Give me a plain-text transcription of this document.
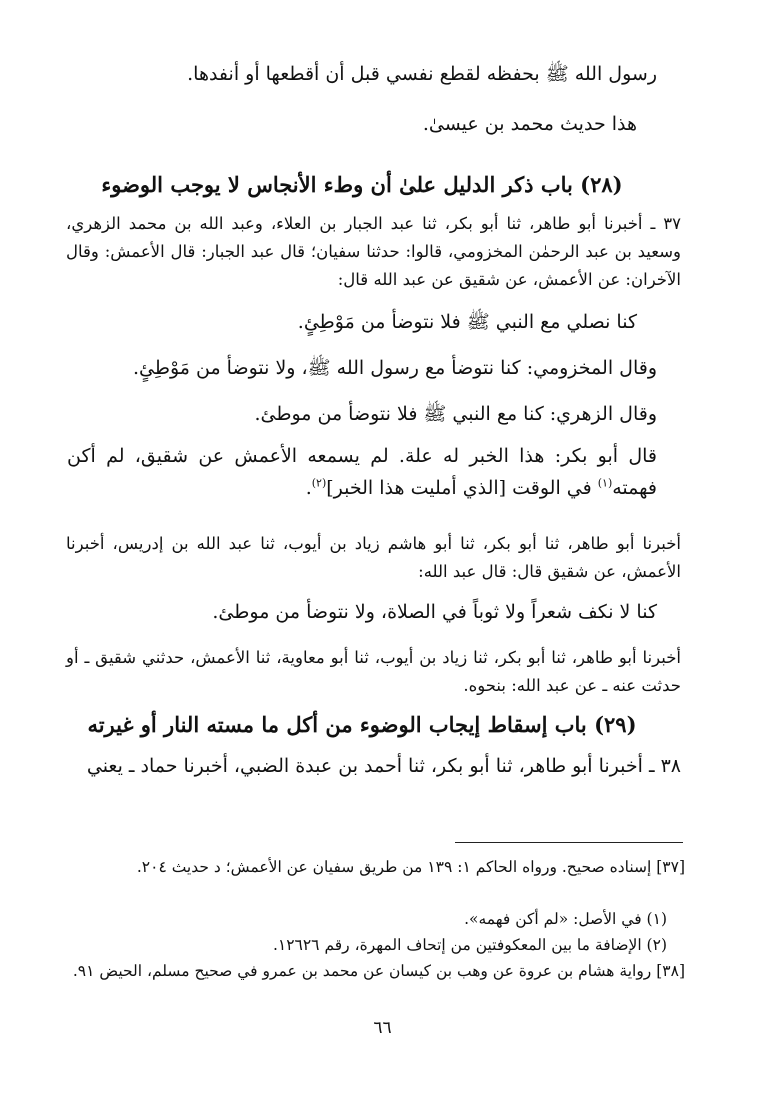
رسول الله ﷺ بحفظه لقطع نفسي قبل أن أقطعها أو أنفدها.
هذا حديث محمد بن عيسىٰ.
(٢٨) باب ذكر الدليل علىٰ أن وطء الأنجاس لا يوجب الوضوء
٣٧ ـ أخبرنا أبو طاهر، ثنا أبو بكر، ثنا عبد الجبار بن العلاء، وعبد الله بن محمد الزهري، وسعيد بن عبد الرحمٰن المخزومي، قالوا: حدثنا سفيان؛ قال عبد الجبار: قال الأعمش: وقال الآخران: عن الأعمش، عن شقيق عن عبد الله قال:
كنا نصلي مع النبي ﷺ فلا نتوضأ من مَوْطِئٍ.
وقال المخزومي: كنا نتوضأ مع رسول الله ﷺ، ولا نتوضأ من مَوْطِئٍ.
وقال الزهري: كنا مع النبي ﷺ فلا نتوضأ من موطئ.
قال أبو بكر: هذا الخبر له علة. لم يسمعه الأعمش عن شقيق، لم أكن فهمته$^{(١)}$ في الوقت [الذي أمليت هذا الخبر]$^{(٢)}$.
أخبرنا أبو طاهر، ثنا أبو بكر، ثنا أبو هاشم زياد بن أيوب، ثنا عبد الله بن إدريس، أخبرنا الأعمش، عن شقيق قال: قال عبد الله:
كنا لا نكف شعراً ولا ثوباً في الصلاة، ولا نتوضأ من موطئ.
أخبرنا أبو طاهر، ثنا أبو بكر، ثنا زياد بن أيوب، ثنا أبو معاوية، ثنا الأعمش، حدثني شقيق ـ أو حدثت عنه ـ عن عبد الله: بنحوه.
(٢٩) باب إسقاط إيجاب الوضوء من أكل ما مسته النار أو غيرته
٣٨ ـ أخبرنا أبو طاهر، ثنا أبو بكر، ثنا أحمد بن عبدة الضبي، أخبرنا حماد ـ يعني
[٣٧] إسناده صحيح. ورواه الحاكم ١: ١٣٩ من طريق سفيان عن الأعمش؛ د حديث ٢٠٤.
(١) في الأصل: «لم أكن فهمه».
(٢) الإضافة ما بين المعكوفتين من إتحاف المهرة، رقم ١٢٦٢٦.
[٣٨] رواية هشام بن عروة عن وهب بن كيسان عن محمد بن عمرو في صحيح مسلم، الحيض ٩١.
٦٦
